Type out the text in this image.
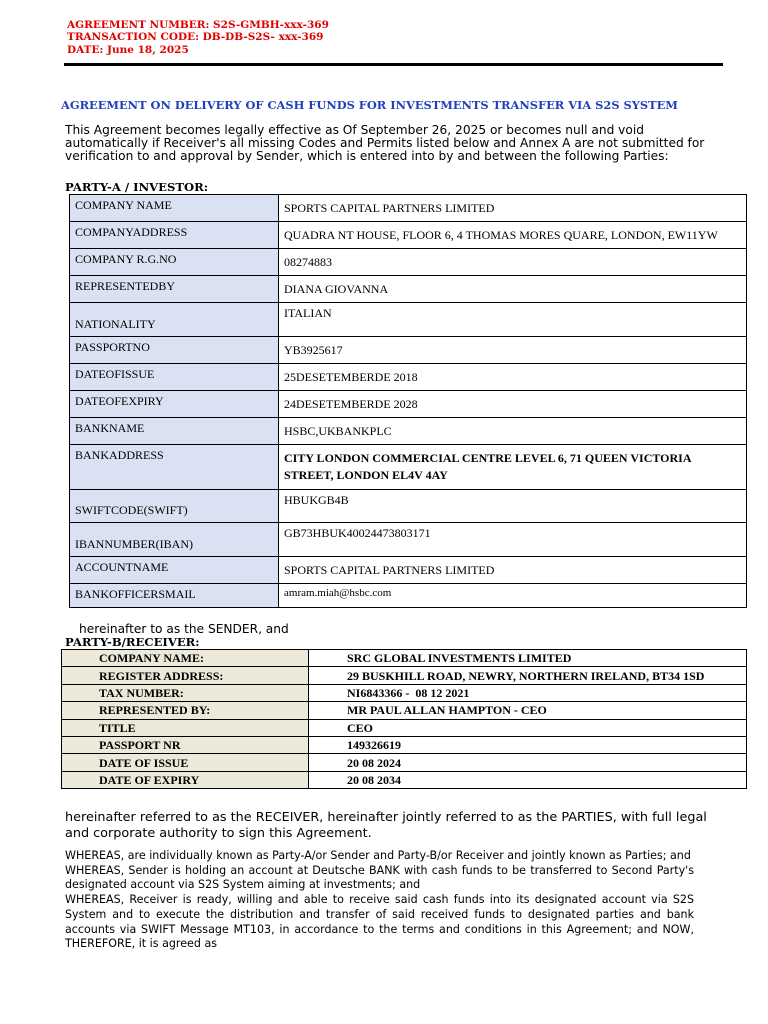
AGREEMENT NUMBER: S2S-GMBH-xxx-369
TRANSACTION CODE: DB-DB-S2S- xxx-369
DATE: June 18, 2025
AGREEMENT ON DELIVERY OF CASH FUNDS FOR INVESTMENTS TRANSFER VIA S2S SYSTEM
This Agreement becomes legally effective as Of September 26, 2025 or becomes null and void automatically if Receiver's all missing Codes and Permits listed below and Annex A are not submitted for verification to and approval by Sender, which is entered into by and between the following Parties:
PARTY-A / INVESTOR:
COMPANY NAME	SPORTS CAPITAL PARTNERS LIMITED
COMPANYADDRESS	QUADRA NT HOUSE, FLOOR 6, 4 THOMAS MORES QUARE, LONDON, EW11YW
COMPANY R.G.NO	08274883
REPRESENTEDBY	DIANA GIOVANNA
NATIONALITY	ITALIAN
PASSPORTNO	YB3925617
DATEOFISSUE	25DESETEMBERDE 2018
DATEOFEXPIRY	24DESETEMBERDE 2028
BANKNAME	HSBC,UKBANKPLC
BANKADDRESS	CITY LONDON COMMERCIAL CENTRE LEVEL 6, 71 QUEEN VICTORIA STREET, LONDON EL4V 4AY
SWIFTCODE(SWIFT)	HBUKGB4B
IBANNUMBER(IBAN)	GB73HBUK40024473803171
ACCOUNTNAME	SPORTS CAPITAL PARTNERS LIMITED
BANKOFFICERSMAIL	amram.miah@hsbc.com
hereinafter to as the SENDER, and
PARTY-B/RECEIVER:
COMPANY NAME:	SRC GLOBAL INVESTMENTS LIMITED
REGISTER ADDRESS:	29 BUSKHILL ROAD, NEWRY, NORTHERN IRELAND, BT34 1SD
TAX NUMBER:	NI6843366 -  08 12 2021
REPRESENTED BY:	MR PAUL ALLAN HAMPTON - CEO
TITLE	CEO
PASSPORT NR	149326619
DATE OF ISSUE	20 08 2024
DATE OF EXPIRY	20 08 2034
hereinafter referred to as the RECEIVER, hereinafter jointly referred to as the PARTIES, with full legal and corporate authority to sign this Agreement.

WHEREAS, are individually known as Party-A/or Sender and Party-B/or Receiver and jointly known as Parties; and

WHEREAS, Sender is holding an account at Deutsche BANK with cash funds to be transferred to Second Party's designated account via S2S System aiming at investments; and

WHEREAS, Receiver is ready, willing and able to receive said cash funds into its designated account via S2S System and to execute the distribution and transfer of said received funds to designated parties and bank accounts via SWIFT Message MT103, in accordance to the terms and conditions in this Agreement; and NOW, THEREFORE, it is agreed as
